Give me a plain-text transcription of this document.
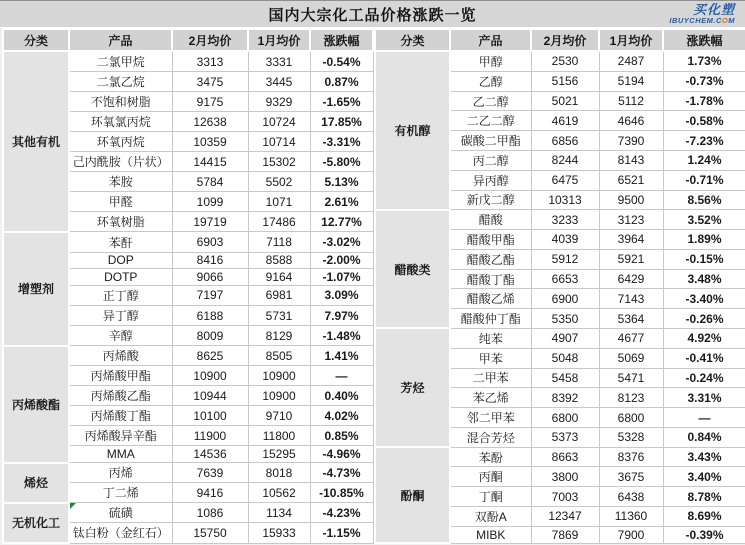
国内大宗化工品价格涨跌一览	买化塑
IBUYCHEM.COM
分类	产品	2月均价	1月均价	涨跌幅
其他有机	二氯甲烷	3313	3331	-0.54%
	二氯乙烷	3475	3445	0.87%
	不饱和树脂	9175	9329	-1.65%
	环氧氯丙烷	12638	10724	17.85%
	环氧丙烷	10359	10714	-3.31%
	己内酰胺（片状）	14415	15302	-5.80%
	苯胺	5784	5502	5.13%
	甲醛	1099	1071	2.61%
	环氧树脂	19719	17486	12.77%
增塑剂	苯酐	6903	7118	-3.02%
	DOP	8416	8588	-2.00%
	DOTP	9066	9164	-1.07%
	正丁醇	7197	6981	3.09%
	异丁醇	6188	5731	7.97%
	辛醇	8009	8129	-1.48%
丙烯酸酯	丙烯酸	8625	8505	1.41%
	丙烯酸甲酯	10900	10900	—
	丙烯酸乙酯	10944	10900	0.40%
	丙烯酸丁酯	10100	9710	4.02%
	丙烯酸异辛酯	11900	11800	0.85%
	MMA	14536	15295	-4.96%
烯烃	丙烯	7639	8018	-4.73%
	丁二烯	9416	10562	-10.85%
无机化工	硫磺	1086	1134	-4.23%
	钛白粉（金红石）	15750	15933	-1.15%
分类	产品	2月均价	1月均价	涨跌幅
有机醇	甲醇	2530	2487	1.73%
	乙醇	5156	5194	-0.73%
	乙二醇	5021	5112	-1.78%
	二乙二醇	4619	4646	-0.58%
	碳酸二甲酯	6856	7390	-7.23%
	丙二醇	8244	8143	1.24%
	异丙醇	6475	6521	-0.71%
	新戊二醇	10313	9500	8.56%
醋酸类	醋酸	3233	3123	3.52%
	醋酸甲酯	4039	3964	1.89%
	醋酸乙酯	5912	5921	-0.15%
	醋酸丁酯	6653	6429	3.48%
	醋酸乙烯	6900	7143	-3.40%
	醋酸仲丁酯	5350	5364	-0.26%
芳烃	纯苯	4907	4677	4.92%
	甲苯	5048	5069	-0.41%
	二甲苯	5458	5471	-0.24%
	苯乙烯	8392	8123	3.31%
	邻二甲苯	6800	6800	—
	混合芳烃	5373	5328	0.84%
酚酮	苯酚	8663	8376	3.43%
	丙酮	3800	3675	3.40%
	丁酮	7003	6438	8.78%
	双酚A	12347	11360	8.69%
	MIBK	7869	7900	-0.39%
